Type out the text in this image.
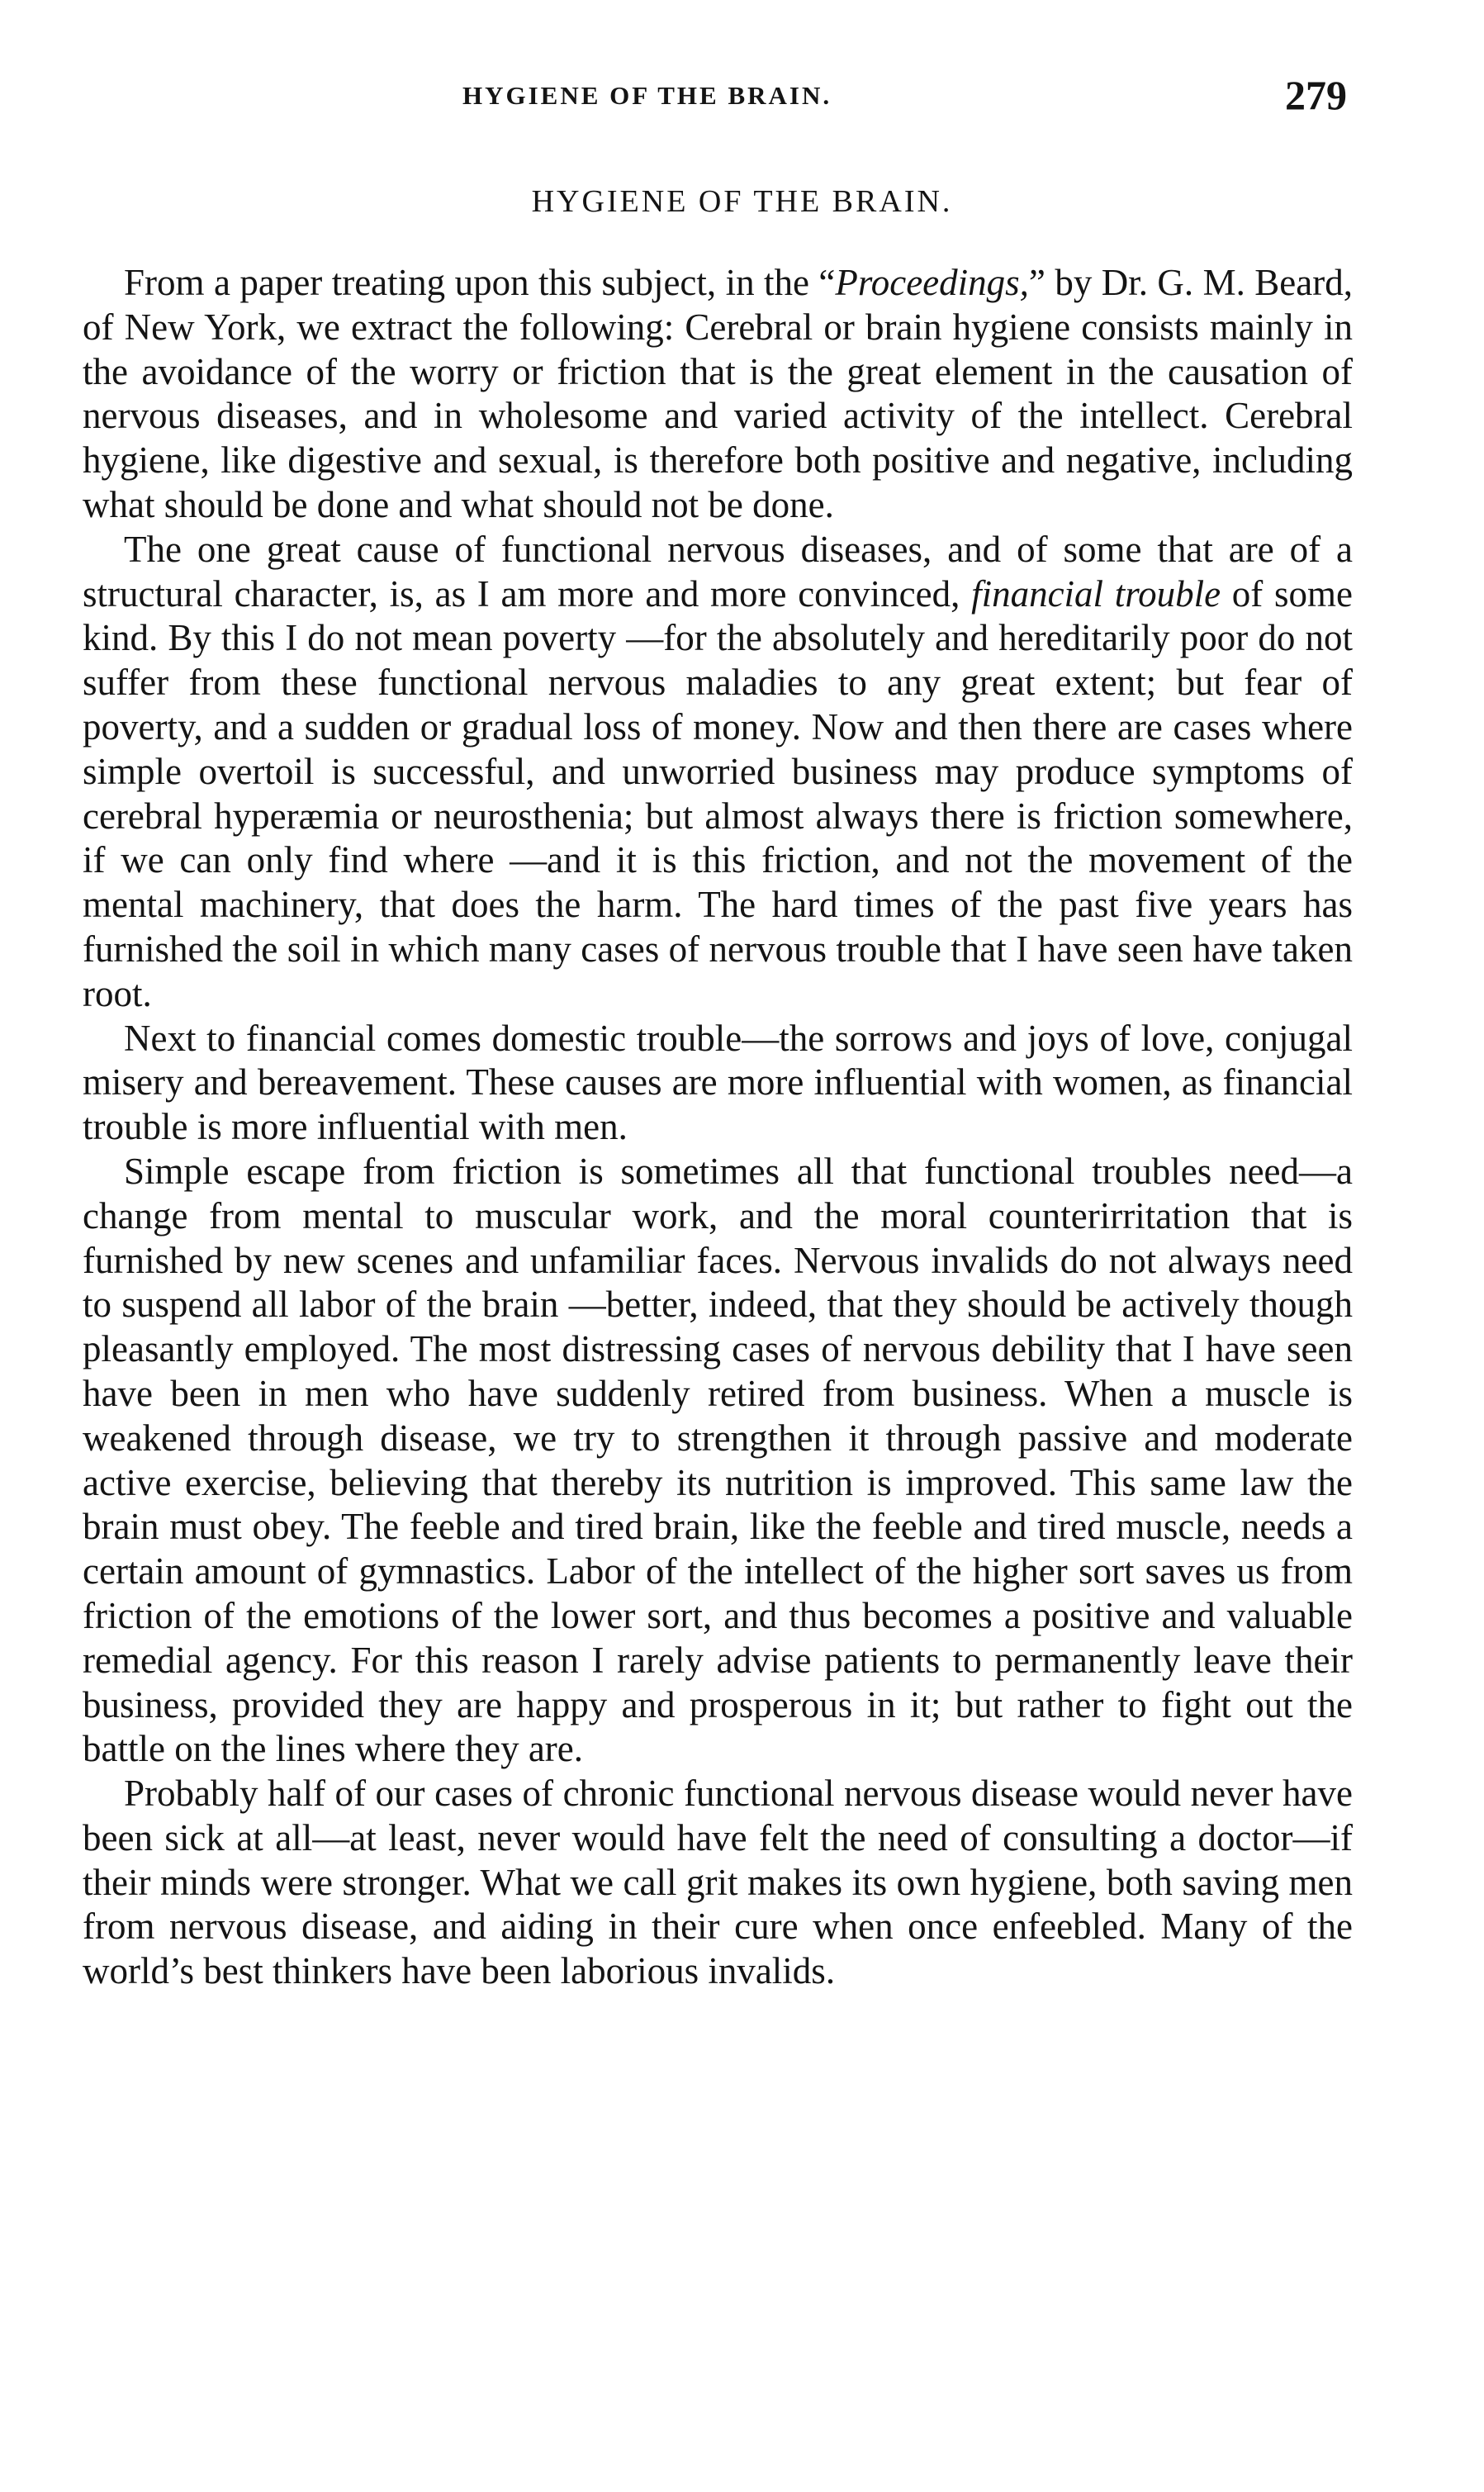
HYGIENE OF THE BRAIN.	279
HYGIENE OF THE BRAIN.

From a paper treating upon this subject, in the “Proceedings,” by Dr. G. M. Beard, of New York, we extract the following: Cerebral or brain hygiene consists mainly in the avoidance of the worry or friction that is the great element in the causation of nervous diseases, and in wholesome and varied activity of the intellect. Cerebral hygiene, like digestive and sexual, is therefore both positive and negative, including what should be done and what should not be done.

The one great cause of functional nervous diseases, and of some that are of a structural character, is, as I am more and more convinced, financial trouble of some kind. By this I do not mean poverty —for the absolutely and hereditarily poor do not suffer from these functional nervous maladies to any great extent; but fear of poverty, and a sudden or gradual loss of money. Now and then there are cases where simple overtoil is successful, and unworried business may produce symptoms of cerebral hyperæmia or neurosthenia; but almost always there is friction somewhere, if we can only find where —and it is this friction, and not the movement of the mental machinery, that does the harm. The hard times of the past five years has furnished the soil in which many cases of nervous trouble that I have seen have taken root.

Next to financial comes domestic trouble—the sorrows and joys of love, conjugal misery and bereavement. These causes are more influential with women, as financial trouble is more influential with men.

Simple escape from friction is sometimes all that functional troubles need—a change from mental to muscular work, and the moral counterirritation that is furnished by new scenes and unfamiliar faces. Nervous invalids do not always need to suspend all labor of the brain —better, indeed, that they should be actively though pleasantly employed. The most distressing cases of nervous debility that I have seen have been in men who have suddenly retired from business. When a muscle is weakened through disease, we try to strengthen it through passive and moderate active exercise, believing that thereby its nutrition is improved. This same law the brain must obey. The feeble and tired brain, like the feeble and tired muscle, needs a certain amount of gymnastics. Labor of the intellect of the higher sort saves us from friction of the emotions of the lower sort, and thus becomes a positive and valuable remedial agency. For this reason I rarely advise patients to permanently leave their business, provided they are happy and prosperous in it; but rather to fight out the battle on the lines where they are.

Probably half of our cases of chronic functional nervous disease would never have been sick at all—at least, never would have felt the need of consulting a doctor—if their minds were stronger. What we call grit makes its own hygiene, both saving men from nervous disease, and aiding in their cure when once enfeebled. Many of the world’s best thinkers have been laborious invalids.
